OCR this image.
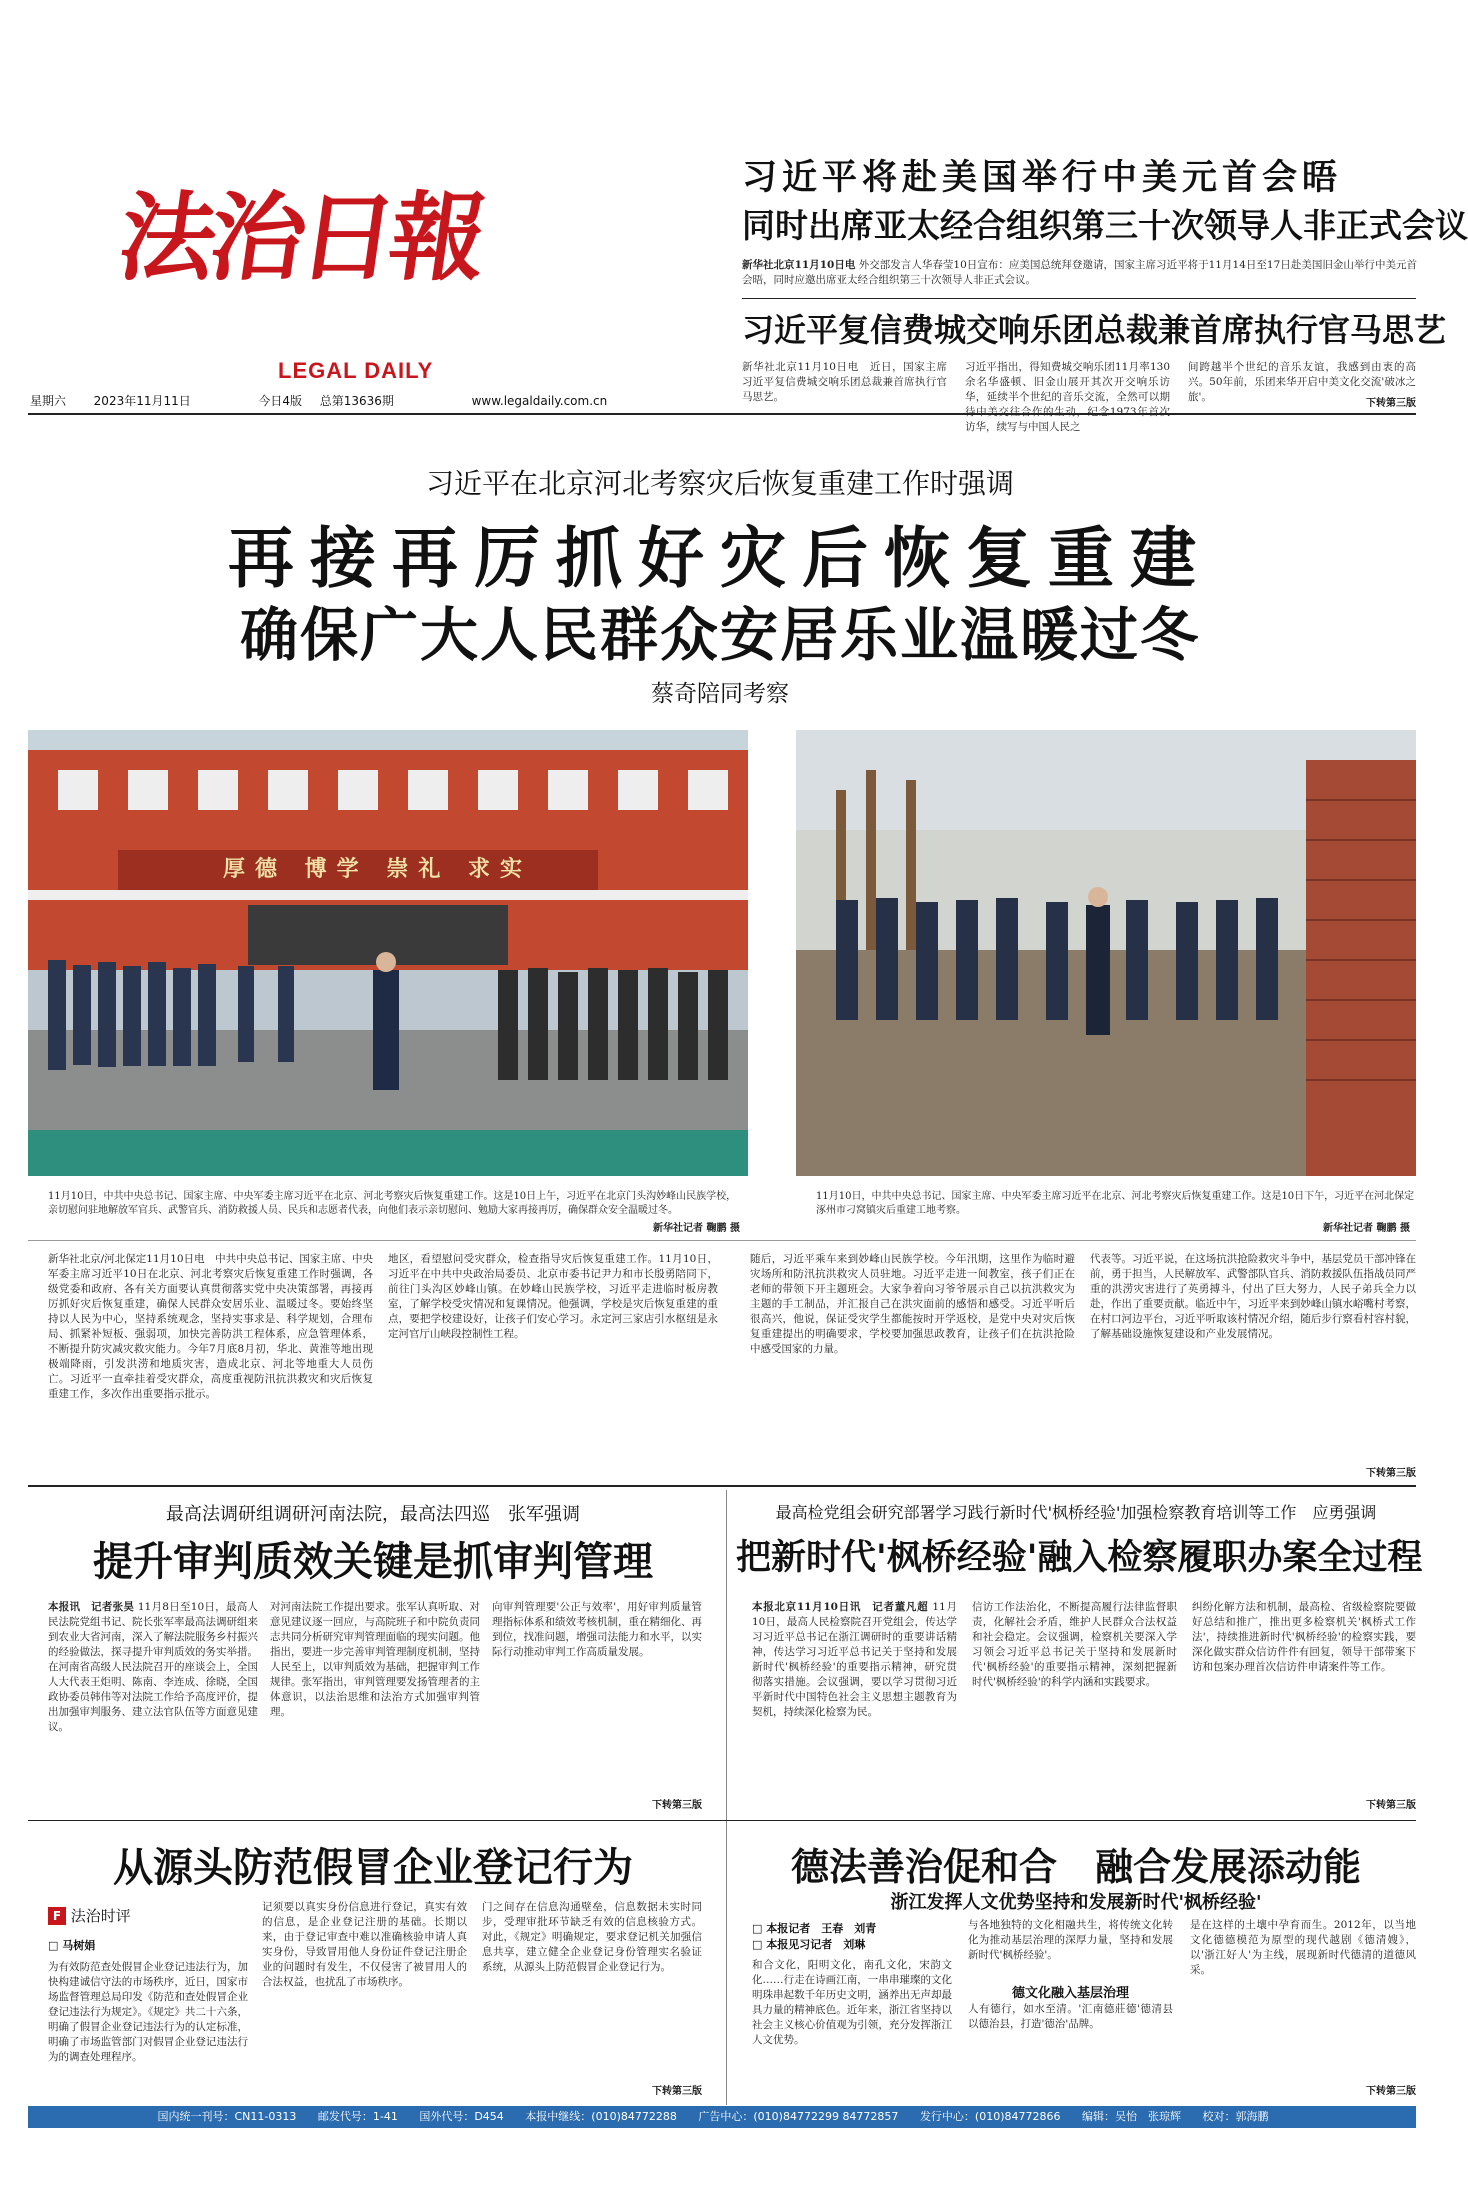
法治日報
LEGAL DAILY
星期六 2023年11月11日	今日4版 总第13636期	www.legaldaily.com.cn
习近平将赴美国举行中美元首会晤
同时出席亚太经合组织第三十次领导人非正式会议
新华社北京11月10日电 外交部发言人华春莹10日宣布：应美国总统拜登邀请，国家主席习近平将于11月14日至17日赴美国旧金山举行中美元首会晤，同时应邀出席亚太经合组织第三十次领导人非正式会议。
习近平复信费城交响乐团总裁兼首席执行官马思艺
新华社北京11月10日电　近日，国家主席习近平复信费城交响乐团总裁兼首席执行官马思艺。
习近平指出，得知费城交响乐团11月率130余名华盛顿、旧金山展开其次开交响乐访华，延续半个世纪的音乐交流，全然可以期待中美交往合作的生动，纪念1973年首次访华，续写与中国人民之
间跨越半个世纪的音乐友谊，我感到由衷的高兴。50年前，乐团来华开启中美文化交流'破冰之旅'。
下转第三版
习近平在北京河北考察灾后恢复重建工作时强调
再接再厉抓好灾后恢复重建
确保广大人民群众安居乐业温暖过冬
蔡奇陪同考察
厚德 博学 崇礼 求实
11月10日，中共中央总书记、国家主席、中央军委主席习近平在北京、河北考察灾后恢复重建工作。这是10日上午，习近平在北京门头沟妙峰山民族学校，亲切慰问驻地解放军官兵、武警官兵、消防救援人员、民兵和志愿者代表，向他们表示亲切慰问、勉励大家再接再厉，确保群众安全温暖过冬。
新华社记者 鞠鹏 摄
11月10日，中共中央总书记、国家主席、中央军委主席习近平在北京、河北考察灾后恢复重建工作。这是10日下午，习近平在河北保定涿州市刁窝镇灾后重建工地考察。
新华社记者 鞠鹏 摄
新华社北京/河北保定11月10日电　中共中央总书记、国家主席、中央军委主席习近平10日在北京、河北考察灾后恢复重建工作时强调，各级党委和政府、各有关方面要认真贯彻落实党中央决策部署，再接再厉抓好灾后恢复重建，确保人民群众安居乐业、温暖过冬。要始终坚持以人民为中心，坚持系统观念，坚持实事求是、科学规划，合理布局、抓紧补短板、强弱项，加快完善防洪工程体系，应急管理体系，不断提升防灾减灾救灾能力。今年7月底8月初，华北、黄淮等地出现极端降雨，引发洪涝和地质灾害，造成北京、河北等地重大人员伤亡。习近平一直牵挂着受灾群众，高度重视防汛抗洪救灾和灾后恢复重建工作，多次作出重要指示批示。
地区，看望慰问受灾群众，检查指导灾后恢复重建工作。11月10日，习近平在中共中央政治局委员、北京市委书记尹力和市长殷勇陪同下，前往门头沟区妙峰山镇。在妙峰山民族学校，习近平走进临时板房教室，了解学校受灾情况和复课情况。他强调，学校是灾后恢复重建的重点，要把学校建设好，让孩子们安心学习。永定河三家店引水枢纽是永定河官厅山峡段控制性工程。
随后，习近平乘车来到妙峰山民族学校。今年汛期，这里作为临时避灾场所和防汛抗洪救灾人员驻地。习近平走进一间教室，孩子们正在老师的带领下开主题班会。大家争着向习爷爷展示自己以抗洪救灾为主题的手工制品，并汇报自己在洪灾面前的感悟和感受。习近平听后很高兴，他说，保证受灾学生都能按时开学返校，是党中央对灾后恢复重建提出的明确要求，学校要加强思政教育，让孩子们在抗洪抢险中感受国家的力量。
代表等。习近平说，在这场抗洪抢险救灾斗争中，基层党员干部冲锋在前，勇于担当，人民解放军、武警部队官兵、消防救援队伍指战员同严重的洪涝灾害进行了英勇搏斗，付出了巨大努力，人民子弟兵全力以赴，作出了重要贡献。临近中午，习近平来到妙峰山镇水峪嘴村考察，在村口河边平台，习近平听取该村情况介绍，随后步行察看村容村貌，了解基础设施恢复建设和产业发展情况。
下转第三版
最高法调研组调研河南法院，最高法四巡　张军强调
提升审判质效关键是抓审判管理
本报讯　记者张昊 11月8日至10日，最高人民法院党组书记、院长张军率最高法调研组来到农业大省河南，深入了解法院服务乡村振兴的经验做法，探寻提升审判质效的务实举措。在河南省高级人民法院召开的座谈会上，全国人大代表王炬明、陈南、李连成、徐晓，全国政协委员韩伟等对法院工作给予高度评价，提出加强审判服务、建立法官队伍等方面意见建议。
对河南法院工作提出要求。张军认真听取、对意见建议逐一回应，与高院班子和中院负责同志共同分析研究审判管理面临的现实问题。他指出，要进一步完善审判管理制度机制，坚持人民至上，以审判质效为基础，把握审判工作规律。张军指出，审判管理要发扬管理者的主体意识，以法治思维和法治方式加强审判管理。
向审判管理要'公正与效率'，用好审判质量管理指标体系和绩效考核机制，重在精细化、再到位，找准问题，增强司法能力和水平，以实际行动推动审判工作高质量发展。
下转第三版
最高检党组会研究部署学习践行新时代'枫桥经验'加强检察教育培训等工作　应勇强调
把新时代'枫桥经验'融入检察履职办案全过程
本报北京11月10日讯　记者董凡超 11月10日，最高人民检察院召开党组会，传达学习习近平总书记在浙江调研时的重要讲话精神，传达学习习近平总书记关于坚持和发展新时代'枫桥经验'的重要指示精神，研究贯彻落实措施。会议强调，要以学习贯彻习近平新时代中国特色社会主义思想主题教育为契机，持续深化检察为民。
信访工作法治化，不断提高履行法律监督职责，化解社会矛盾，维护人民群众合法权益和社会稳定。会议强调，检察机关要深入学习领会习近平总书记关于坚持和发展新时代'枫桥经验'的重要指示精神，深刻把握新时代'枫桥经验'的科学内涵和实践要求。
纠纷化解方法和机制，最高检、省级检察院要做好总结和推广，推出更多检察机关'枫桥式工作法'，持续推进新时代'枫桥经验'的检察实践，要深化做实群众信访件件有回复，领导干部带案下访和包案办理首次信访件申请案件等工作。
下转第三版
从源头防范假冒企业登记行为
F 法治时评
□ 马树娟
为有效防范查处假冒企业登记违法行为，加快构建诚信守法的市场秩序，近日，国家市场监督管理总局印发《防范和查处假冒企业登记违法行为规定》。《规定》共二十六条，明确了假冒企业登记违法行为的认定标准，明确了市场监管部门对假冒企业登记违法行为的调查处理程序。
记须要以真实身份信息进行登记，真实有效的信息，是企业登记注册的基础。长期以来，由于登记审查中难以准确核验申请人真实身份，导致冒用他人身份证件登记注册企业的问题时有发生，不仅侵害了被冒用人的合法权益，也扰乱了市场秩序。
门之间存在信息沟通壁垒，信息数据未实时同步，受理审批环节缺乏有效的信息核验方式。对此，《规定》明确规定，要求登记机关加强信息共享，建立健全企业登记身份管理实名验证系统，从源头上防范假冒企业登记行为。
下转第三版
德法善治促和合　融合发展添动能
浙江发挥人文优势坚持和发展新时代'枫桥经验'
□ 本报记者　王春　刘青
□ 本报见习记者　刘琳
和合文化，阳明文化，南孔文化，宋韵文化……行走在诗画江南，一串串璀璨的文化明珠串起数千年历史文明，涵养出无声却最具力量的精神底色。近年来，浙江省坚持以社会主义核心价值观为引领，充分发挥浙江人文优势。
与各地独特的文化相融共生，将传统文化转化为推动基层治理的深厚力量，坚持和发展新时代'枫桥经验'。
德文化融入基层治理
人有德行，如水至清。'汇南德莊德'德清县以德治县，打造'德治'品牌。
是在这样的土壤中孕育而生。2012年，以当地文化德德模范为原型的现代越剧《德清嫂》，以'浙江好人'为主线，展现新时代德清的道德风采。
下转第三版
国内统一刊号：CN11-0313 邮发代号：1-41 国外代号：D454 本报中继线：(010)84772288 广告中心：(010)84772299 84772857 发行中心：(010)84772866 编辑：吴怡　张琼辉 校对：郭海鹏
